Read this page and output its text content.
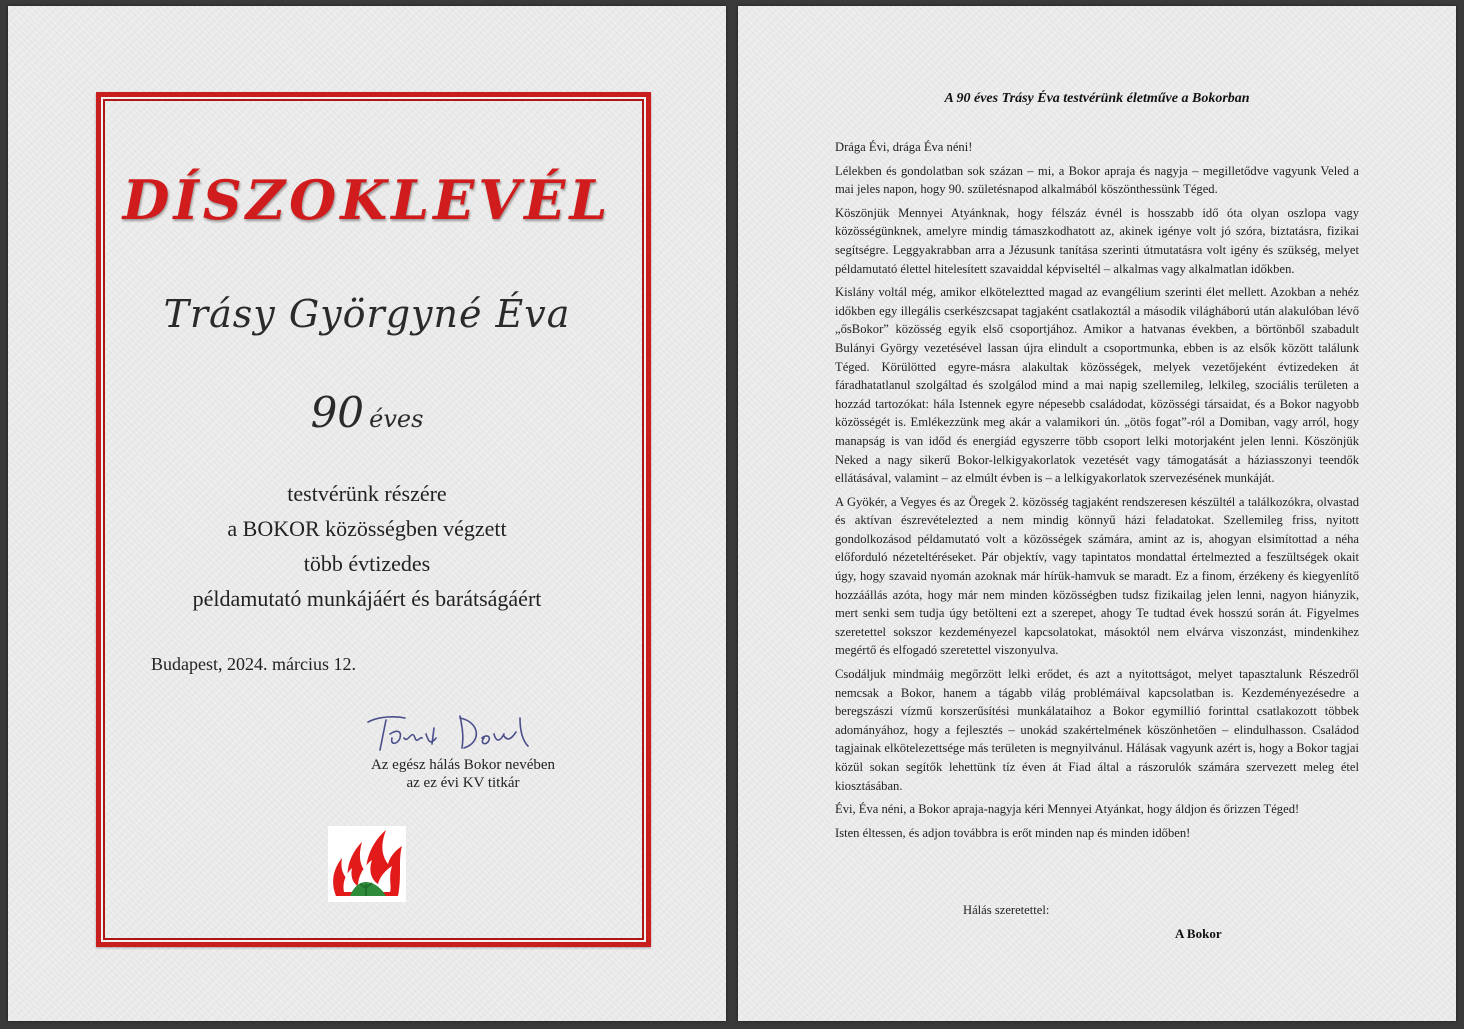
DÍSZOKLEVÉL
Trásy Györgyné Éva
90 éves
testvérünk részére
a BOKOR közösségben végzett
több évtizedes
példamutató munkájáért és barátságáért
Budapest, 2024. március 12.
Az egész hálás Bokor nevében
az ez évi KV titkár
A 90 éves Trásy Éva testvérünk életműve a Bokorban

Drága Évi, drága Éva néni!

Lélekben és gondolatban sok százan – mi, a Bokor apraja és nagyja – megilletődve vagyunk Veled a mai jeles napon, hogy 90. születésnapod alkalmából köszönthessünk Téged.

Köszönjük Mennyei Atyánknak, hogy félszáz évnél is hosszabb idő óta olyan oszlopa vagy közösségünknek, amelyre mindig támaszkodhatott az, akinek igénye volt jó szóra, biztatásra, fizikai segítségre. Leggyakrabban arra a Jézusunk tanítása szerinti útmutatásra volt igény és szükség, melyet példamutató élettel hitelesített szavaiddal képviseltél – alkalmas vagy alkalmatlan időkben.

Kislány voltál még, amikor elköteleztted magad az evangélium szerinti élet mellett. Azokban a nehéz időkben egy illegális cserkészcsapat tagjaként csatlakoztál a második világháború után alakulóban lévő „ősBokor” közösség egyik első csoportjához. Amikor a hatvanas években, a börtönből szabadult Bulányi György vezetésével lassan újra elindult a csoportmunka, ebben is az elsők között találunk Téged. Körülötted egyre-másra alakultak közösségek, melyek vezetőjeként évtizedeken át fáradhatatlanul szolgáltad és szolgálod mind a mai napig szellemileg, lelkileg, szociális területen a hozzád tartozókat: hála Istennek egyre népesebb családodat, közösségi társaidat, és a Bokor nagyobb közösségét is. Emlékezzünk meg akár a valamikori ún. „ötös fogat”-ról a Domiban, vagy arról, hogy manapság is van időd és energiád egyszerre több csoport lelki motorjaként jelen lenni. Köszönjük Neked a nagy sikerű Bokor-lelkigyakorlatok vezetését vagy támogatását a háziasszonyi teendők ellátásával, valamint – az elmúlt évben is – a lelkigyakorlatok szervezésének munkáját.

A Gyökér, a Vegyes és az Öregek 2. közösség tagjaként rendszeresen készültél a találkozókra, olvastad és aktívan észrevételezted a nem mindig könnyű házi feladatokat. Szellemileg friss, nyitott gondolkozásod példamutató volt a közösségek számára, amint az is, ahogyan elsimítottad a néha előforduló nézeteltéréseket. Pár objektív, vagy tapintatos mondattal értelmezted a feszültségek okait úgy, hogy szavaid nyomán azoknak már hírük-hamvuk se maradt. Ez a finom, érzékeny és kiegyenlítő hozzáállás azóta, hogy már nem minden közösségben tudsz fizikailag jelen lenni, nagyon hiányzik, mert senki sem tudja úgy betölteni ezt a szerepet, ahogy Te tudtad évek hosszú során át. Figyelmes szeretettel sokszor kezdeményezel kapcsolatokat, másoktól nem elvárva viszonzást, mindenkihez megértő és elfogadó szeretettel viszonyulva.

Csodáljuk mindmáig megőrzött lelki erődet, és azt a nyitottságot, melyet tapasztalunk Részedről nemcsak a Bokor, hanem a tágabb világ problémáival kapcsolatban is. Kezdeményezésedre a beregszászi vízmű korszerűsítési munkálataihoz a Bokor egymillió forinttal csatlakozott többek adományához, hogy a fejlesztés – unokád szakértelmének köszönhetően – elindulhasson. Családod tagjainak elkötelezettsége más területen is megnyilvánul. Hálásak vagyunk azért is, hogy a Bokor tagjai közül sokan segítők lehettünk tíz éven át Fiad által a rászorulók számára szervezett meleg étel kiosztásában.

Évi, Éva néni, a Bokor apraja-nagyja kéri Mennyei Atyánkat, hogy áldjon és őrizzen Téged!

Isten éltessen, és adjon továbbra is erőt minden nap és minden időben!

Hálás szeretettel:
A Bokor
